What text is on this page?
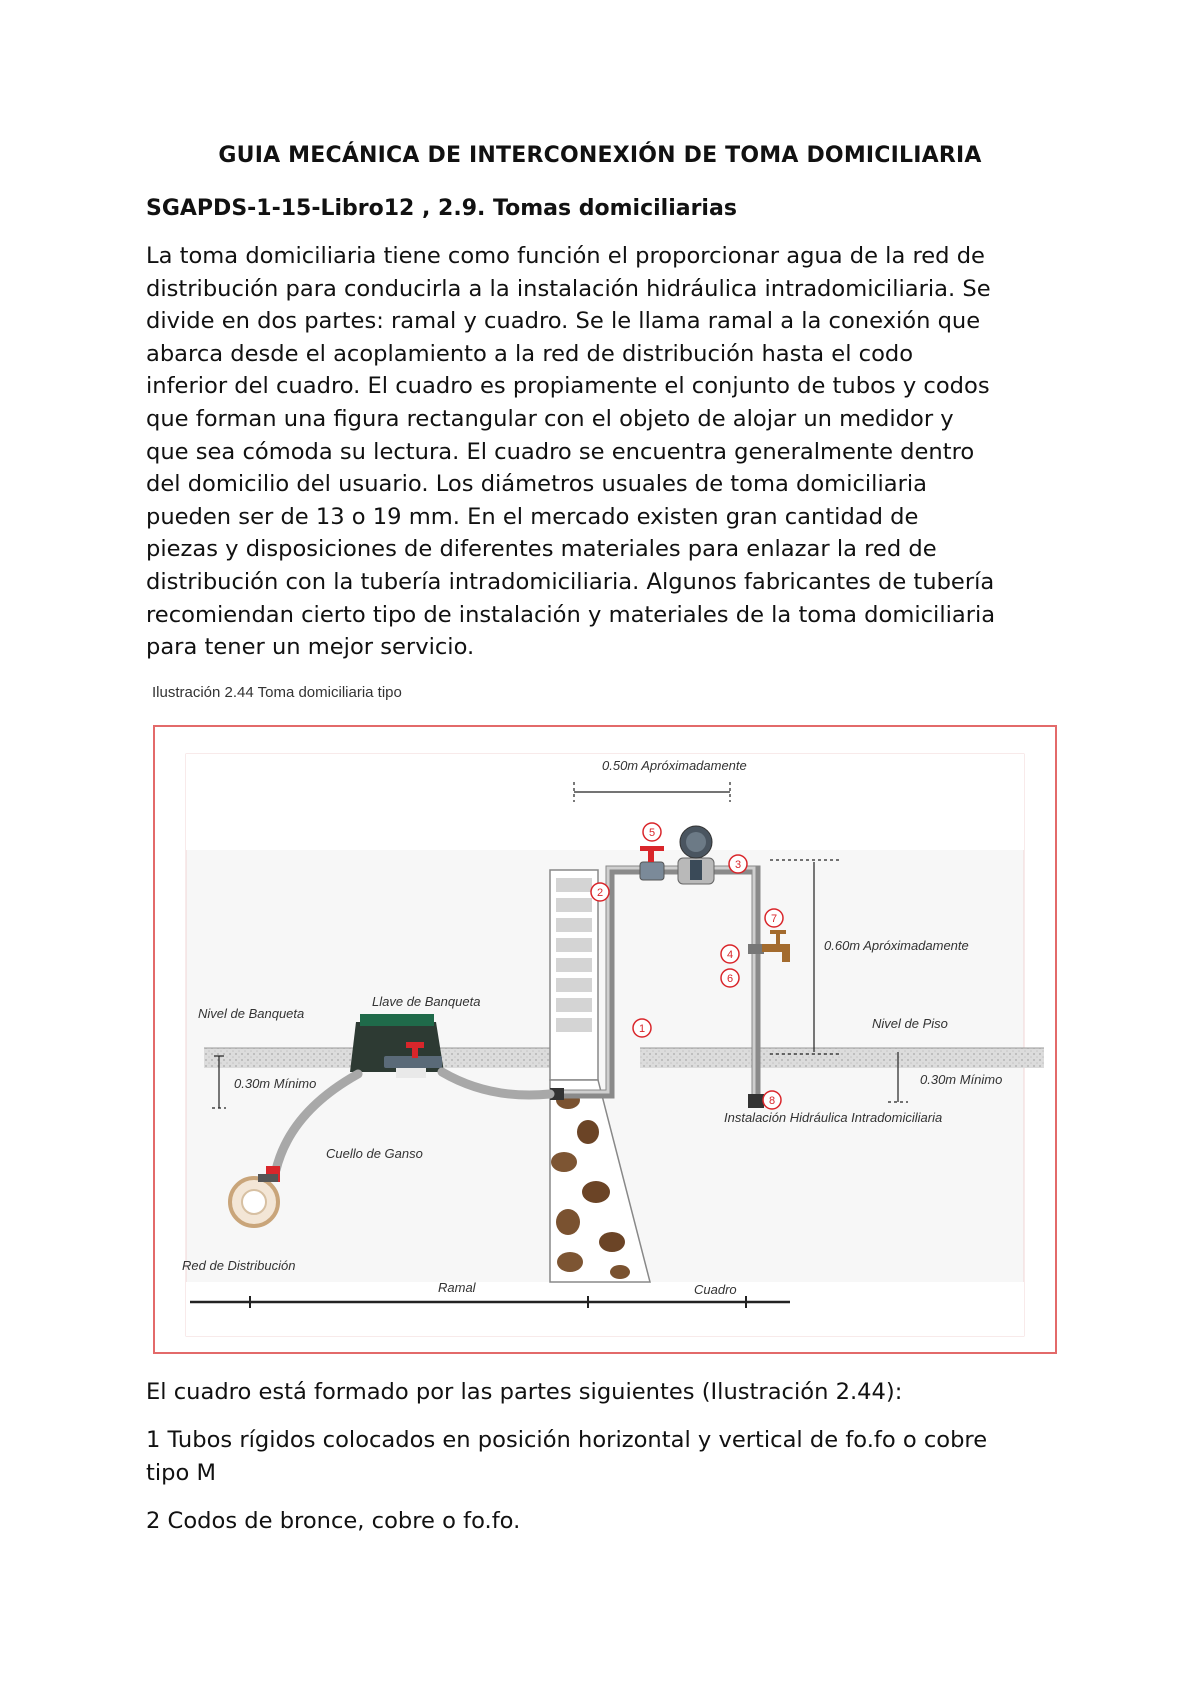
GUIA MECÁNICA DE INTERCONEXIÓN DE TOMA DOMICILIARIA
SGAPDS-1-15-Libro12 , 2.9. Tomas domiciliarias
La toma domiciliaria tiene como función el proporcionar agua de la red de
distribución para conducirla a la instalación hidráulica intradomiciliaria. Se
divide en dos partes: ramal y cuadro. Se le llama ramal a la conexión que
abarca desde el acoplamiento a la red de distribución hasta el codo
inferior del cuadro. El cuadro es propiamente el conjunto de tubos y codos
que forman una figura rectangular con el objeto de alojar un medidor y
que sea cómoda su lectura. El cuadro se encuentra generalmente dentro
del domicilio del usuario. Los diámetros usuales de toma domiciliaria
pueden ser de 13 o 19 mm. En el mercado existen gran cantidad de
piezas y disposiciones de diferentes materiales para enlazar la red de
distribución con la tubería intradomiciliaria. Algunos fabricantes de tubería
recomiendan cierto tipo de instalación y materiales de la toma domiciliaria
para tener un mejor servicio.
Ilustración 2.44 Toma domiciliaria tipo
0.50m Apróximadamente
0.60m Apróximadamente
Nivel de Banqueta
Llave de Banqueta
Nivel de Piso
0.30m Mínimo	0.30m Mínimo
Instalación Hidráulica Intradomiciliaria
Cuello de Ganso
Red de Distribución
Ramal	Cuadro
1
2
3
4
5
6
7
8
El cuadro está formado por las partes siguientes (Ilustración 2.44):
1 Tubos rígidos colocados en posición horizontal y vertical de fo.fo o cobre
tipo M
2 Codos de bronce, cobre o fo.fo.
